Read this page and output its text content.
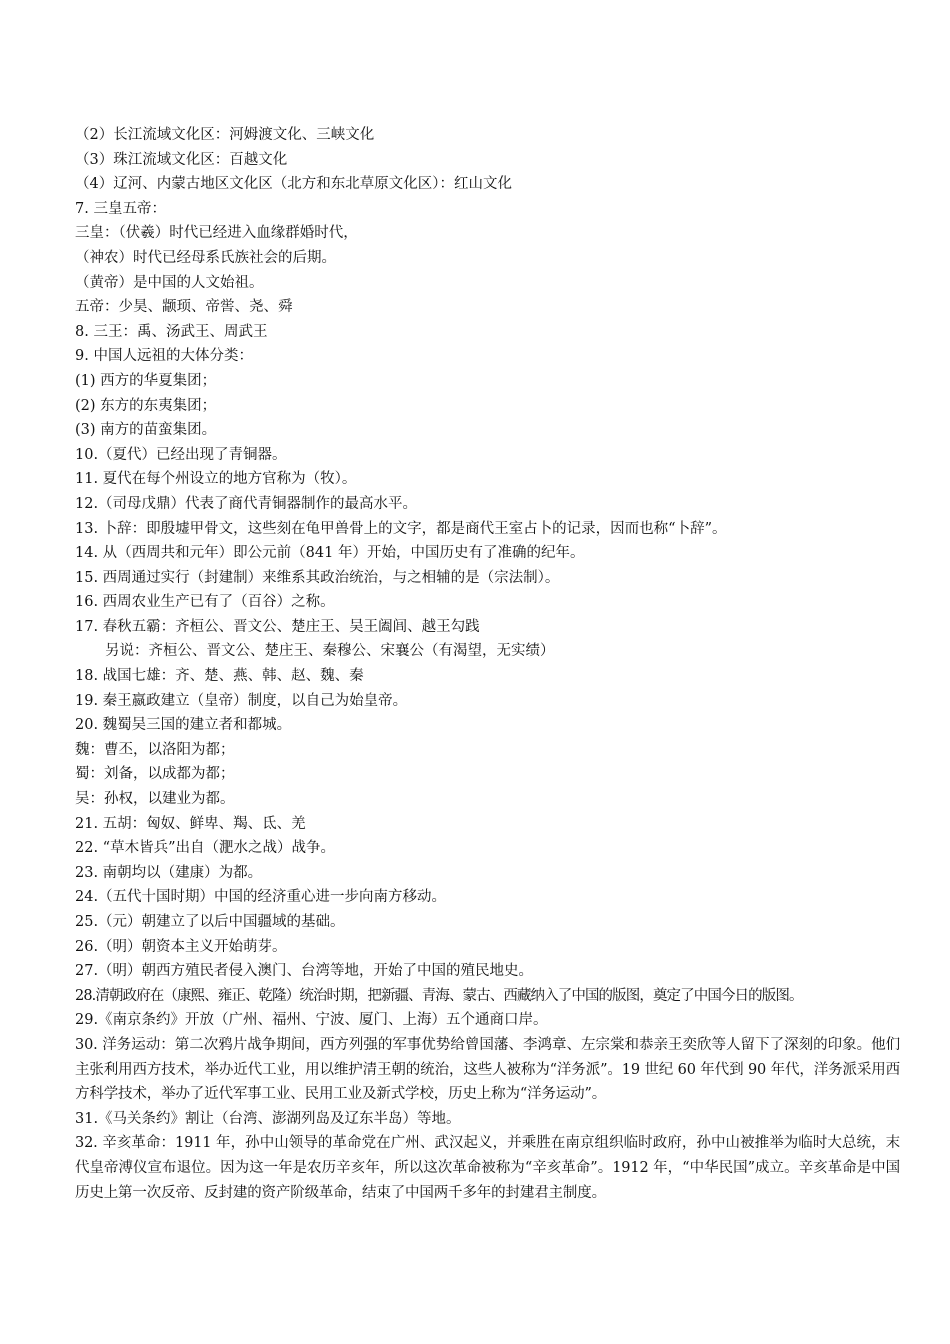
（2）长江流域文化区：河姆渡文化、三峡文化
（3）珠江流域文化区：百越文化
（4）辽河、内蒙古地区文化区（北方和东北草原文化区）：红山文化
7. 三皇五帝：
三皇：（伏羲）时代已经进入血缘群婚时代，
（神农）时代已经母系氏族社会的后期。
（黄帝）是中国的人文始祖。
五帝：少昊、颛顼、帝喾、尧、舜
8. 三王：禹、汤武王、周武王
9. 中国人远祖的大体分类：
(1) 西方的华夏集团；
(2) 东方的东夷集团；
(3) 南方的苗蛮集团。
10.（夏代）已经出现了青铜器。
11. 夏代在每个州设立的地方官称为（牧）。
12.（司母戊鼎）代表了商代青铜器制作的最高水平。
13. 卜辞：即殷墟甲骨文，这些刻在龟甲兽骨上的文字，都是商代王室占卜的记录，因而也称“卜辞”。
14. 从（西周共和元年）即公元前（841 年）开始，中国历史有了准确的纪年。
15. 西周通过实行（封建制）来维系其政治统治，与之相辅的是（宗法制）。
16. 西周农业生产已有了（百谷）之称。
17. 春秋五霸：齐桓公、晋文公、楚庄王、吴王阖闾、越王勾践
另说：齐桓公、晋文公、楚庄王、秦穆公、宋襄公（有渴望，无实绩）
18. 战国七雄：齐、楚、燕、韩、赵、魏、秦
19. 秦王嬴政建立（皇帝）制度，以自己为始皇帝。
20. 魏蜀吴三国的建立者和都城。
魏：曹丕，以洛阳为都；
蜀：刘备，以成都为都；
吴：孙权，以建业为都。
21. 五胡：匈奴、鲜卑、羯、氐、羌
22. “草木皆兵”出自（淝水之战）战争。
23. 南朝均以（建康）为都。
24.（五代十国时期）中国的经济重心进一步向南方移动。
25.（元）朝建立了以后中国疆域的基础。
26.（明）朝资本主义开始萌芽。
27.（明）朝西方殖民者侵入澳门、台湾等地，开始了中国的殖民地史。
28.清朝政府在（康熙、雍正、乾隆）统治时期，把新疆、青海、蒙古、西藏纳入了中国的版图，奠定了中国今日的版图。
29.《南京条约》开放（广州、福州、宁波、厦门、上海）五个通商口岸。
30. 洋务运动：第二次鸦片战争期间，西方列强的军事优势给曾国藩、李鸿章、左宗棠和恭亲王奕欣等人留下了深刻的印象。他们主张利用西方技术，举办近代工业，用以维护清王朝的统治，这些人被称为“洋务派”。19 世纪 60 年代到 90 年代，洋务派采用西方科学技术，举办了近代军事工业、民用工业及新式学校，历史上称为“洋务运动”。
31.《马关条约》割让（台湾、澎湖列岛及辽东半岛）等地。
32. 辛亥革命：1911 年，孙中山领导的革命党在广州、武汉起义，并乘胜在南京组织临时政府，孙中山被推举为临时大总统，末代皇帝溥仪宣布退位。因为这一年是农历辛亥年，所以这次革命被称为“辛亥革命”。1912 年，“中华民国”成立。辛亥革命是中国历史上第一次反帝、反封建的资产阶级革命，结束了中国两千多年的封建君主制度。
